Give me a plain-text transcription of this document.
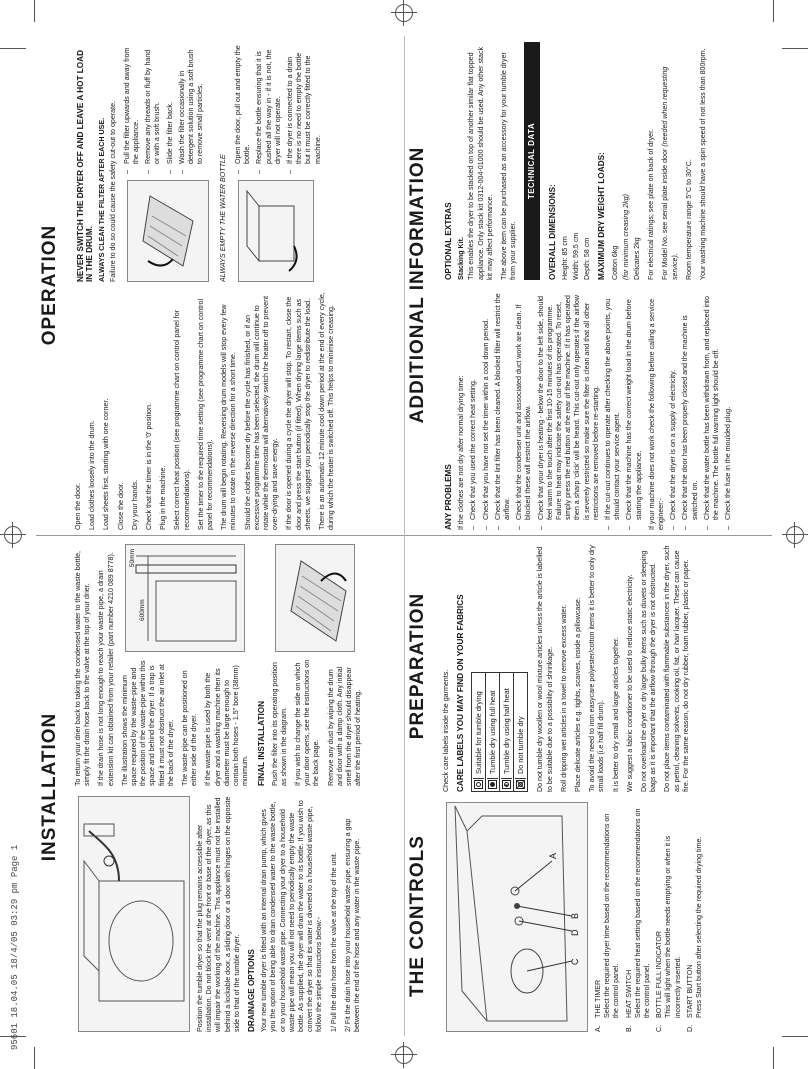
95601 18.04.05 18/4/05 03:29 pm Page 1
INSTALLATION

Position the tumble dryer so that the plug remains accessible after installation. Do not block the vent at the front or base of the dryer, as this will impair the working of the machine. This appliance must not be installed behind a lockable door, a sliding door or a door with hinges on the opposite side to that of the tumble dryer. DRAINAGE OPTIONS Your new tumble dryer is fitted with an internal drain pump, which gives you the option of being able to drain condensed water to the waste bottle, or to your household waste pipe. Connecting your dryer to a household waste pipe will mean you will not need to periodically empty the waste bottle. As supplied, the dryer will drain the water to its bottle. If you wish to convert the dryer so that its water is diverted to a household waste pipe, follow the simple instructions below:- 1/ Pull the drain hose from the valve at the top of the unit. 2/ Fit the drain hose into your household waste pipe, ensuring a gap between the end of the hose and any water in the waste pipe.

To return your drier back to taking the condensed water to the waste bottle, simply fit the drain hose back to the valve at the top of your drier. If the drain hose is not long enough to reach your waste pipe, a drain extension kit can obtained from your retailer (part number 4210 089 8778). The illustration shows the minimum space required by the waste-pipe and the position of the waste-pipe within this space and behind the dryer. If a trap is fitted it must not obstruct the air inlet at the back of the dryer. The waste pipe can be positioned on either side of the dryer. If the waste pipe is used by both the dryer and a washing machine then its diameter must be large enough to contain both hoses - 1.5" bore (38mm) minimum.

50mm
600mm
FINAL INSTALLATION Push the filter into its operating position as shown in the diagram. If you wish to change the side on which your door opens, see the instructions on the back page. Remove any dust by wiping the drum and door with a damp cloth. Any initial smell from the dryer should disappear after the first period of heating.

OPERATION

Open the door. Load clothes loosely into the drum. Load sheets first, starting with one corner. Close the door. Dry your hands. Check that the timer is in the '0' position. Plug in the machine. Select correct heat position (see programme chart on control panel for recommendations). Set the timer to the required time setting (see programme chart on control panel for recommendations). The drum will begin rotating. Reversing drum models will stop every few minutes to rotate in the reverse direction for a short time. Should the clothes become dry before the cycle has finished, or if an excessive programme time has been selected, the drum will continue to rotate while the thermostat will alternatively switch the heater off to prevent over-drying and save energy. If the door is opened during a cycle the dryer will stop. To restart, close the door and press the start button (if fitted). When drying large items such as sheets, we suggest you periodically stop the dryer to redistribute the load. There is an automatic 12 minute cool down period at the end of every cycle, during which the heater is switched off. This helps to minimise creasing.

NEVER SWITCH THE DRYER OFF AND LEAVE A HOT LOAD IN THE DRUM. ALWAYS CLEAN THE FILTER AFTER EACH USE. Failure to do so could cause the safety cut-out to operate. – Pull the filter upwards and away from the appliance. – Remove any threads or fluff by hand or with a soft brush. – Slide the filter back. – Wash the filter occasionally in detergent solution using a soft brush to remove small particles.
ALWAYS EMPTY THE WATER BOTTLE
– Open the door, pull out and empty the bottle. – Replace the bottle ensuring that it is pushed all the way in - if it is not, the dryer will not operate. – If the dryer is connected to a drain there is no need to empty the bottle but it must be correctly fitted to the machine.
THE CONTROLS	C
D
B
A
A.
THE TIMER
Select the required dryer time based on the recommendations on the control panel.
B.
HEAT SWITCH
Select the required heat setting based on the recommendations on the control panel.
C.
BOTTLE FULL INDICATOR
This will light when the bottle needs emptying or when it is incorrectly inserted.
D.
START BUTTON
Press Start button after selecting the required drying time.
PREPARATION Check care labels inside the garments. CARE LABELS YOU MAY FIND ON YOUR FABRICS Suitable for tumble drying Tumble dry using full heat Tumble dry using half heat Do not tumble dry Do not tumble dry woollen or wool mixture articles unless the article is labelled to be suitable due to a possibility of shrinkage. Roll dripping wet articles in a towel to remove excess water. Place delicate articles e.g. tights, scarves, inside a pillowcase. To avoid the need to iron easycare polyester/cotton items it is better to only dry small loads (i.e half fill drum). It is better to dry small and large articles together. We suggest a fabric conditioner to be used to reduce static electricity. Do not overload the dryer or dry large bulky items such as duvets or sleeping bags as it is important that the airflow through the dryer is not obstructed. Do not place items contaminated with flammable substances in the dryer, such as petrol, cleaning solvents, cooking oil, fat, or hair lacquer. These can cause fire. For the same reason, do not dry rubber, foam rubber, plastic or paper.

ADDITIONAL INFORMATION
ANY PROBLEMS If the clothes are not dry after normal drying time: – Check that you used the correct heat setting. – Check that you have not set the timer within a cool down period. – Check that the lint filter has been cleaned. A blocked filter will restrict the airflow. – Check that the condenser unit and associated duct work are clean. If blocked these will restrict the airflow. – Check that your dryer is heating - below the door to the left side, should feel warm to the touch after the first 10-15 minutes of its programme. Failure to heat may indicate the safety cut-out has operated. To reset, simply press the red button at the rear of the machine. If it has operated then a sharp 'click' will be heard. This cut-out only operates if the airflow is severely restricted so make sure the filter is clean and that all other restrictions are removed before re-starting. – If the cut-out continues to operate after checking the above points, you should contact your service agent. – Check that the machine has the correct weight load in the drum before starting the appliance. If your machine does not work check the following before calling a service engineer:- – Check that the dryer is on a supply of electricity. – Check that the door has been properly closed and the machine is switched on. – Check that the water bottle has been withdrawn from, and replaced into the machine. The bottle full warning light should be off. – Check the fuse in the moulded plug.
OPTIONAL EXTRAS Stacking Kit. This enables the dryer to be stacked on top of another similar flat topped appliance. Only stack kit 0312-004-01000 should be used. Any other stack kit may affect performance. The above item can be purchased as an accessory for your tumble dryer from your supplier.

TECHNICAL DATA
OVERALL DIMENSIONS: Height: 85 cm Width: 59.5 cm Depth: 58 cm MAXIMUM DRY WEIGHT LOADS: Cotton 6kg (for minimum creasing 2kg) Delicates 2kg For electrical ratings; see plate on back of dryer. For Model No. see serial plate inside door (needed when requesting service). Room temperature range 5°C to 30°C. Your washing machine should have a spin speed of not less than 800rpm.
